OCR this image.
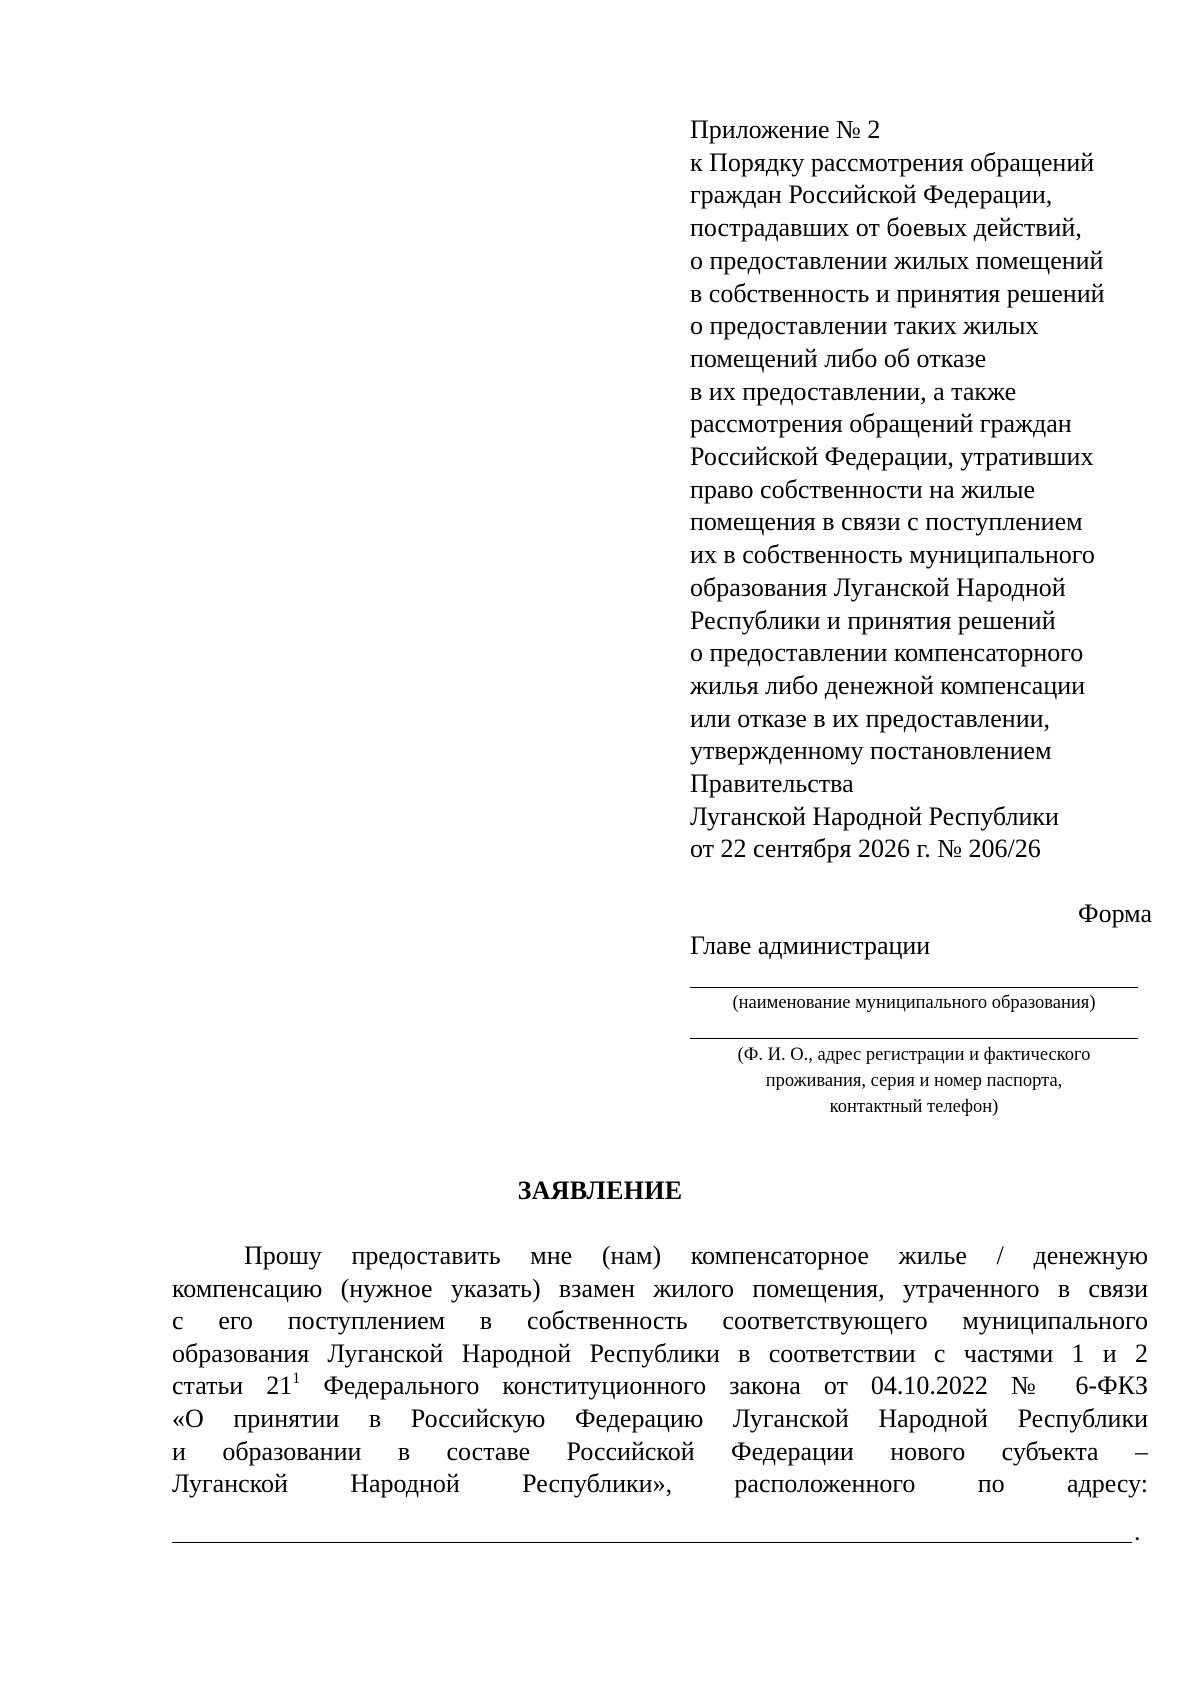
Приложение № 2
к Порядку рассмотрения обращений
граждан Российской Федерации,
пострадавших от боевых действий,
о предоставлении жилых помещений
в собственность и принятия решений
о предоставлении таких жилых
помещений либо об отказе
в их предоставлении, а также
рассмотрения обращений граждан
Российской Федерации, утративших
право собственности на жилые
помещения в связи с поступлением
их в собственность муниципального
образования Луганской Народной
Республики и принятия решений
о предоставлении компенсаторного
жилья либо денежной компенсации
или отказе в их предоставлении,
утвержденному постановлением
Правительства
Луганской Народной Республики
от 22 сентября 2026 г. № 206/26
Форма
Главе администрации
(наименование муниципального образования)
(Ф. И. О., адрес регистрации и фактического
проживания, серия и номер паспорта,
контактный телефон)
ЗАЯВЛЕНИЕ
Прошу предоставить мне (нам) компенсаторное жилье / денежную
компенсацию (нужное указать) взамен жилого помещения, утраченного в связи
с его поступлением в собственность соответствующего муниципального
образования Луганской Народной Республики в соответствии с частями 1 и 2
статьи $21^1$ Федерального конституционного закона от 04.10.2022 № 6-ФКЗ
«О принятии в Российскую Федерацию Луганской Народной Республики
и образовании в составе Российской Федерации нового субъекта –
Луганской Народной Республики», расположенного по адресу:
.
